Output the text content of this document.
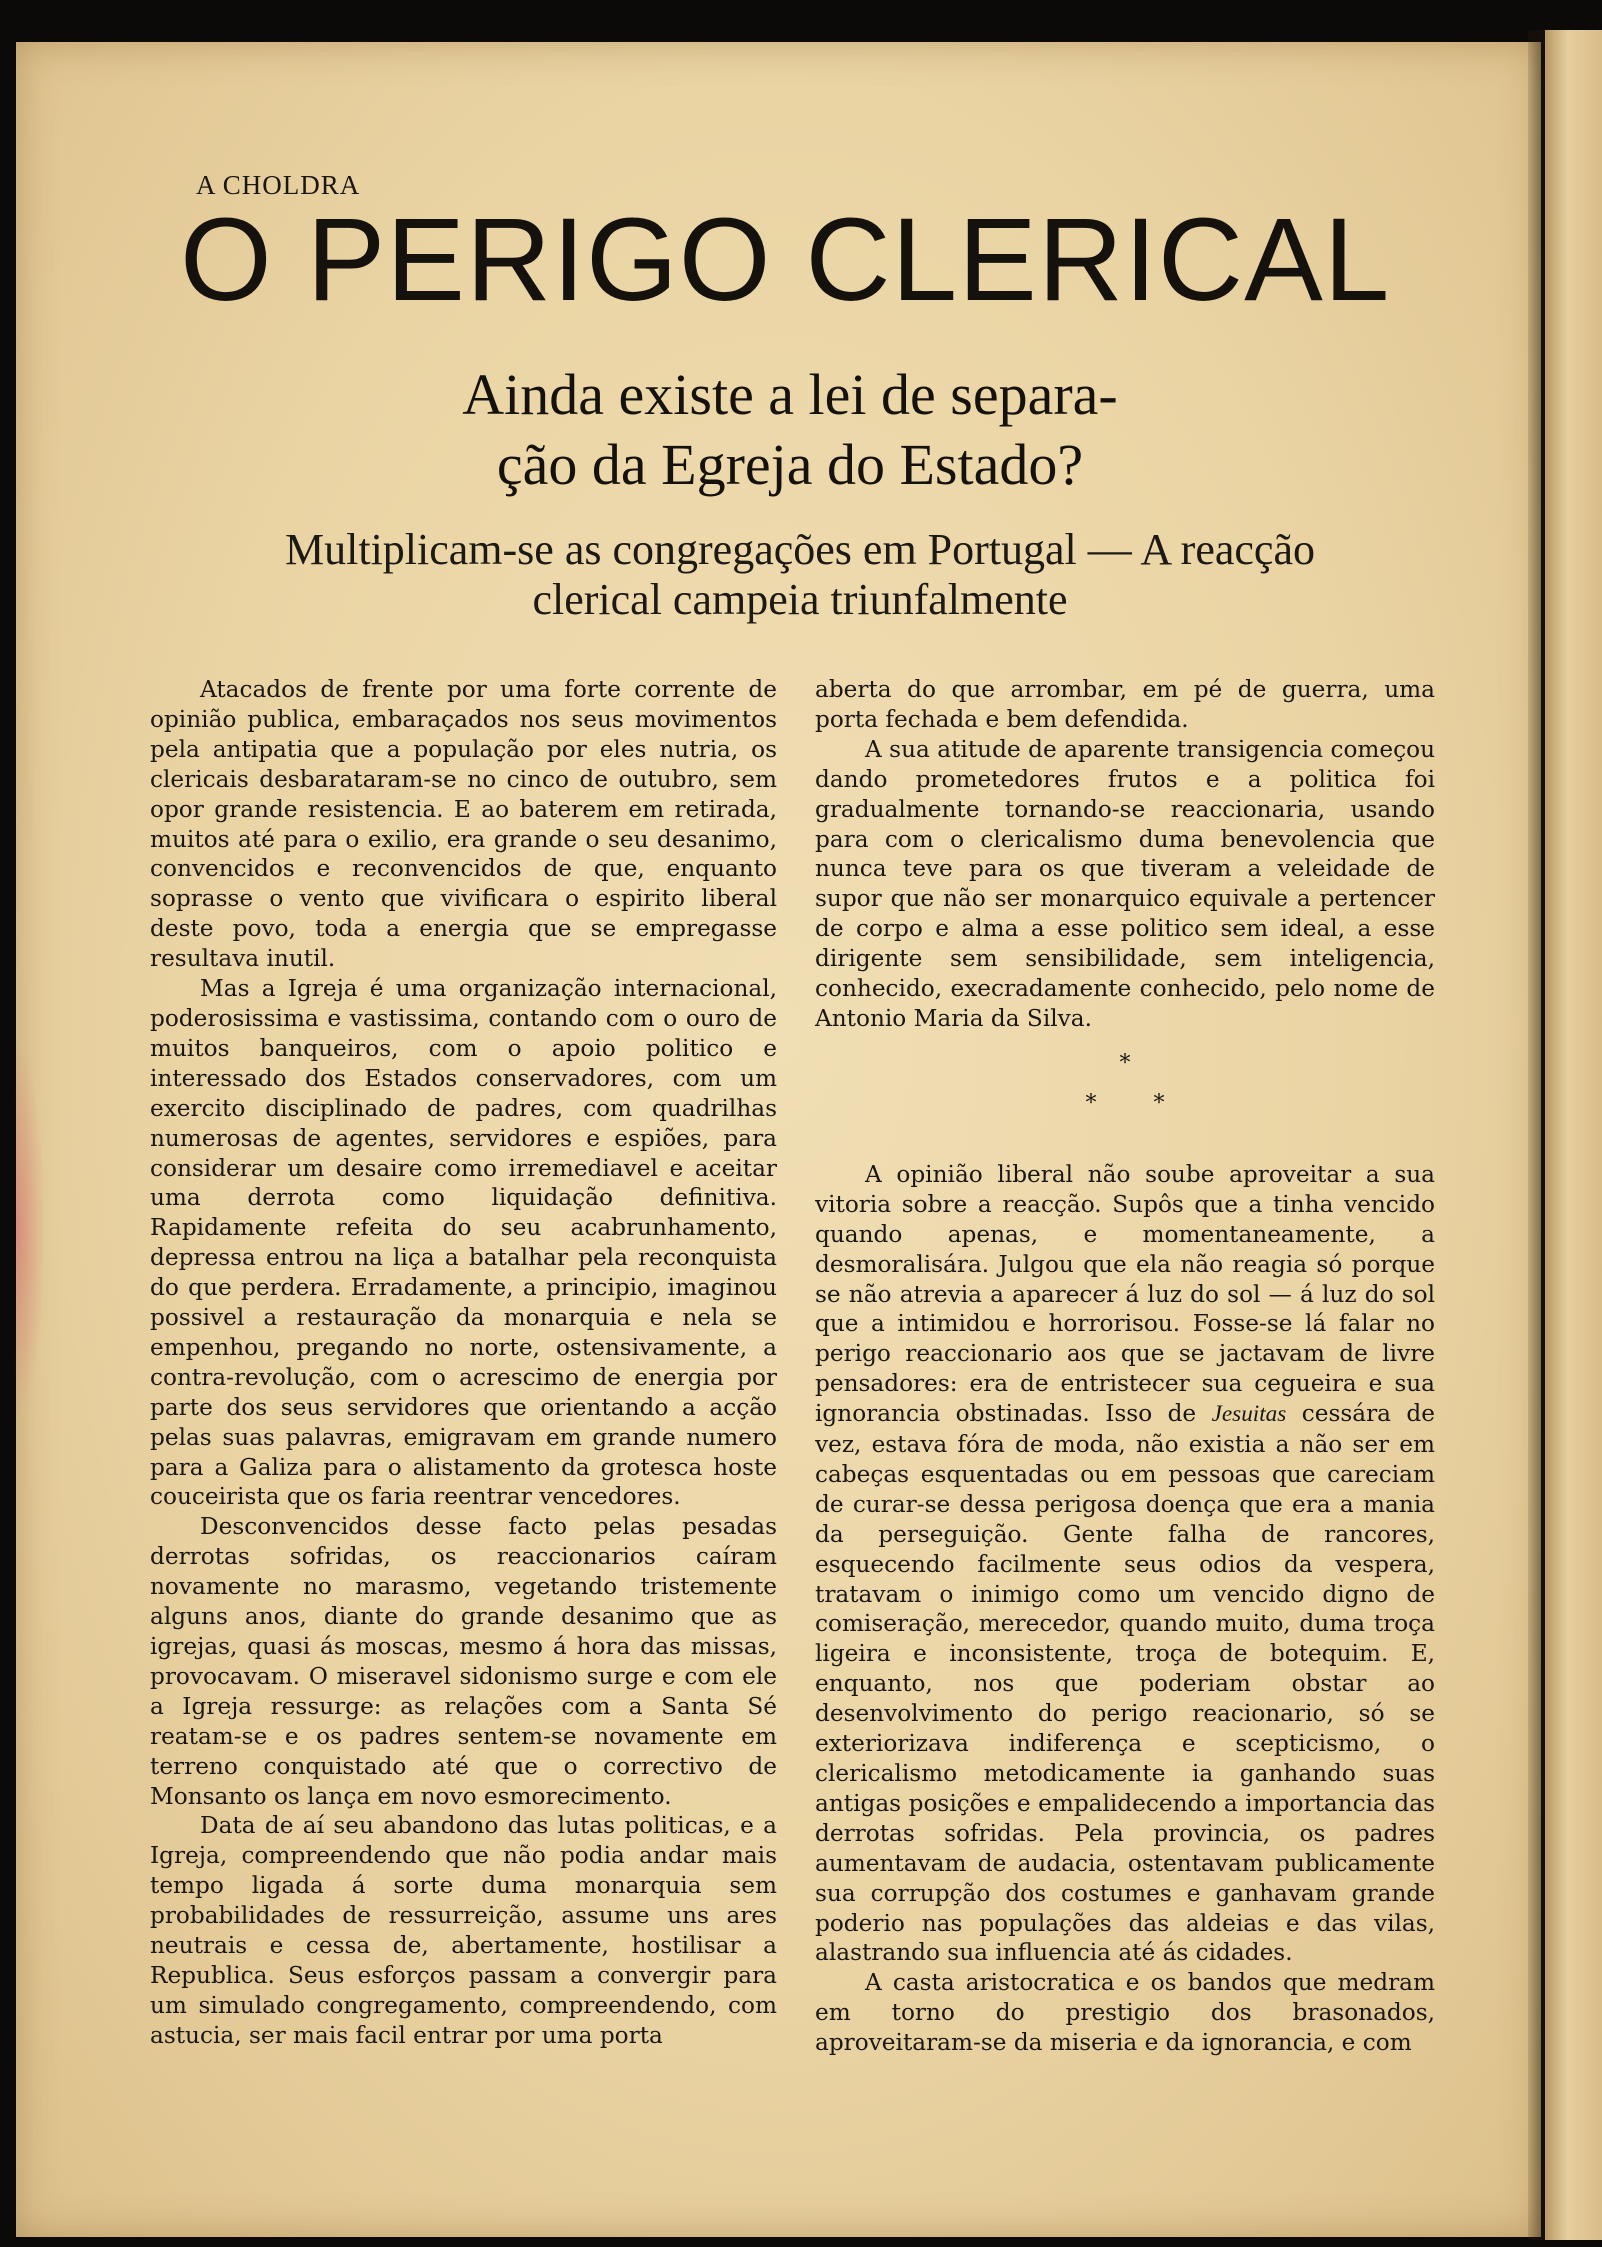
A CHOLDRA
O PERIGO CLERICAL
Ainda existe a lei de separa-
ção da Egreja do Estado?
Multiplicam-se as congregações em Portugal — A reacção
clerical campeia triunfalmente

Atacados de frente por uma forte corrente de opinião publica, embaraçados nos seus movimentos pela antipatia que a população por eles nutria, os clericais desbarataram-se no cinco de outubro, sem opor grande resistencia. E ao baterem em retirada, muitos até para o exilio, era grande o seu desanimo, convencidos e reconvencidos de que, enquanto soprasse o vento que vivificara o espirito liberal deste povo, toda a energia que se empregasse resultava inutil.

Mas a Igreja é uma organização internacional, poderosissima e vastissima, contando com o ouro de muitos banqueiros, com o apoio politico e interessado dos Estados conservadores, com um exercito disciplinado de padres, com quadrilhas numerosas de agentes, servidores e espiões, para considerar um desaire como irremediavel e aceitar uma derrota como liquidação definitiva. Rapidamente refeita do seu acabrunhamento, depressa entrou na liça a batalhar pela reconquista do que perdera. Erradamente, a principio, imaginou possivel a restauração da monarquia e nela se empenhou, pregando no norte, ostensivamente, a contra-revolução, com o acrescimo de energia por parte dos seus servidores que orientando a acção pelas suas palavras, emigravam em grande numero para a Galiza para o alistamento da grotesca hoste couceirista que os faria reentrar vencedores.

Desconvencidos desse facto pelas pesadas derrotas sofridas, os reaccionarios caíram novamente no marasmo, vegetando tristemente alguns anos, diante do grande desanimo que as igrejas, quasi ás moscas, mesmo á hora das missas, provocavam. O miseravel sidonismo surge e com ele a Igreja ressurge: as relações com a Santa Sé reatam-se e os padres sentem-se novamente em terreno conquistado até que o correctivo de Monsanto os lança em novo esmorecimento.

Data de aí seu abandono das lutas politicas, e a Igreja, compreendendo que não podia andar mais tempo ligada á sorte duma monarquia sem probabilidades de ressurreição, assume uns ares neutrais e cessa de, abertamente, hostilisar a Republica. Seus esforços passam a convergir para um simulado congregamento, compreendendo, com astucia, ser mais facil entrar por uma porta

aberta do que arrombar, em pé de guerra, uma porta fechada e bem defendida.

A sua atitude de aparente transigencia começou dando prometedores frutos e a politica foi gradualmente tornando-se reaccionaria, usando para com o clericalismo duma benevolencia que nunca teve para os que tiveram a veleidade de supor que não ser monarquico equivale a pertencer de corpo e alma a esse politico sem ideal, a esse dirigente sem sensibilidade, sem inteligencia, conhecido, execradamente conhecido, pelo nome de Antonio Maria da Silva.

*
* *

A opinião liberal não soube aproveitar a sua vitoria sobre a reacção. Supôs que a tinha vencido quando apenas, e momentaneamente, a desmoralisára. Julgou que ela não reagia só porque se não atrevia a aparecer á luz do sol — á luz do sol que a intimidou e horrorisou. Fosse-se lá falar no perigo reaccionario aos que se jactavam de livre pensadores: era de entristecer sua cegueira e sua ignorancia obstinadas. Isso de Jesuitas cessára de vez, estava fóra de moda, não existia a não ser em cabeças esquentadas ou em pessoas que careciam de curar-se dessa perigosa doença que era a mania da perseguição. Gente falha de rancores, esquecendo facilmente seus odios da vespera, tratavam o inimigo como um vencido digno de comiseração, merecedor, quando muito, duma troça ligeira e inconsistente, troça de botequim. E, enquanto, nos que poderiam obstar ao desenvolvimento do perigo reacionario, só se exteriorizava indiferença e scepticismo, o clericalismo metodicamente ia ganhando suas antigas posições e empalidecendo a importancia das derrotas sofridas. Pela provincia, os padres aumentavam de audacia, ostentavam publicamente sua corrupção dos costumes e ganhavam grande poderio nas populações das aldeias e das vilas, alastrando sua influencia até ás cidades.

A casta aristocratica e os bandos que medram em torno do prestigio dos brasonados, aproveitaram-se da miseria e da ignorancia, e com
